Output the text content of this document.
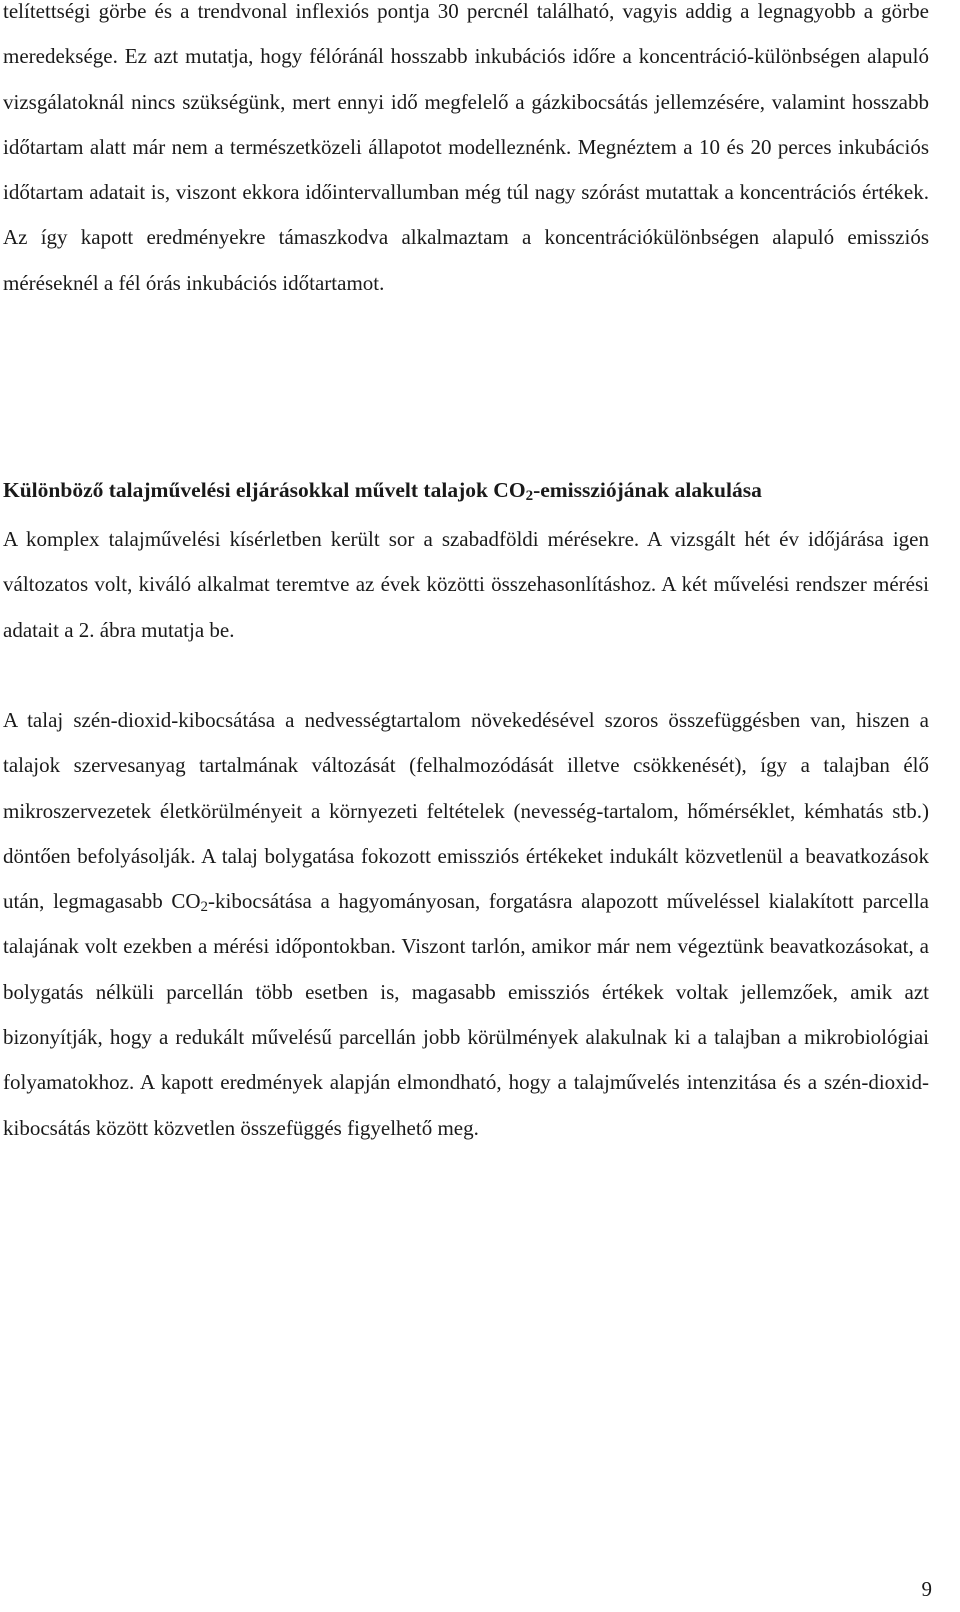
telítettségi görbe és a trendvonal inflexiós pontja 30 percnél található, vagyis addig a legnagyobb a görbe meredeksége. Ez azt mutatja, hogy félóránál hosszabb inkubációs időre a koncentráció-különbségen alapuló vizsgálatoknál nincs szükségünk, mert ennyi idő megfelelő a gázkibocsátás jellemzésére, valamint hosszabb időtartam alatt már nem a természetközeli állapotot modelleznénk. Megnéztem a 10 és 20 perces inkubációs időtartam adatait is, viszont ekkora időintervallumban még túl nagy szórást mutattak a koncentrációs értékek. Az így kapott eredményekre támaszkodva alkalmaztam a koncentrációkülönbségen alapuló emissziós méréseknél a fél órás inkubációs időtartamot.

Különböző talajművelési eljárásokkal művelt talajok $CO_2$-emissziójának alakulása

A komplex talajművelési kísérletben került sor a szabadföldi mérésekre. A vizsgált hét év időjárása igen változatos volt, kiváló alkalmat teremtve az évek közötti összehasonlításhoz. A két művelési rendszer mérési adatait a 2. ábra mutatja be.

A talaj szén-dioxid-kibocsátása a nedvességtartalom növekedésével szoros összefüggésben van, hiszen a talajok szervesanyag tartalmának változását (felhalmozódását illetve csökkenését), így a talajban élő mikroszervezetek életkörülményeit a környezeti feltételek (nevesség-tartalom, hőmérséklet, kémhatás stb.) döntően befolyásolják. A talaj bolygatása fokozott emissziós értékeket indukált közvetlenül a beavatkozások után, legmagasabb $CO_2$-kibocsátása a hagyományosan, forgatásra alapozott műveléssel kialakított parcella talajának volt ezekben a mérési időpontokban. Viszont tarlón, amikor már nem végeztünk beavatkozásokat, a bolygatás nélküli parcellán több esetben is, magasabb emissziós értékek voltak jellemzőek, amik azt bizonyítják, hogy a redukált művelésű parcellán jobb körülmények alakulnak ki a talajban a mikrobiológiai folyamatokhoz. A kapott eredmények alapján elmondható, hogy a talajművelés intenzitása és a szén-dioxid-kibocsátás között közvetlen összefüggés figyelhető meg.

9
